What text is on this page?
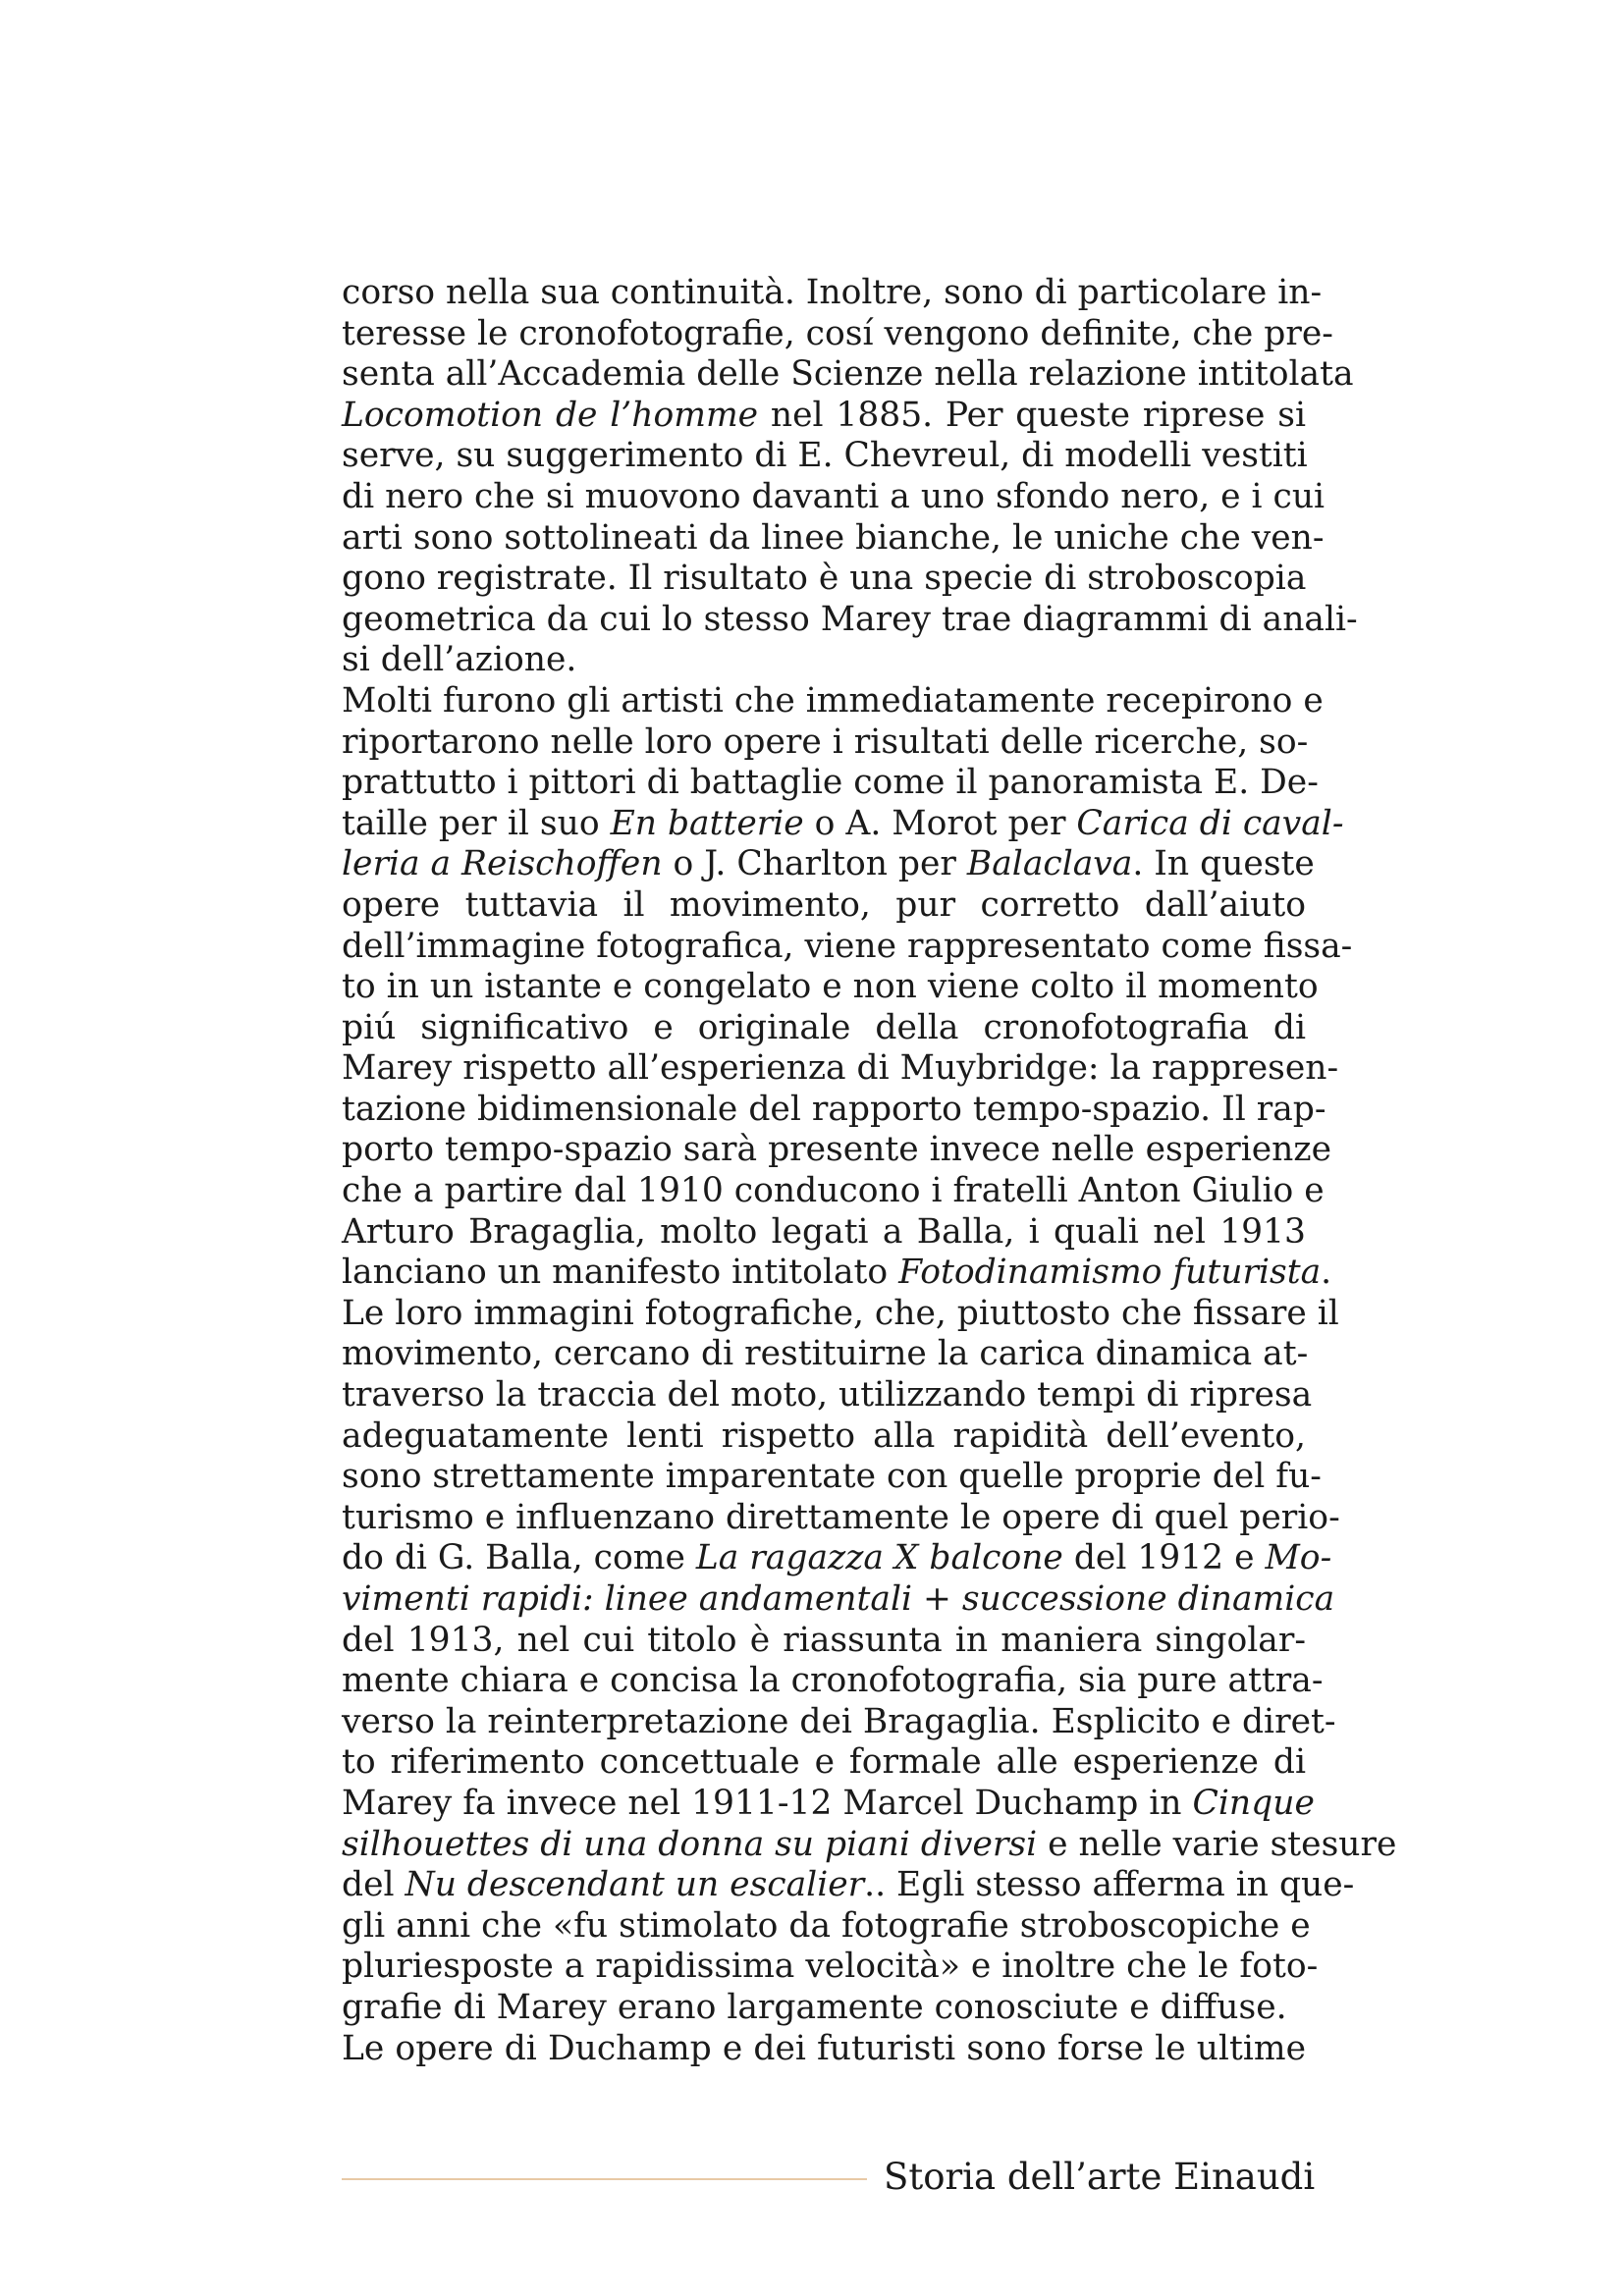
corso nella sua continuità. Inoltre, sono di particolare in-
teresse le cronofotografie, cosí vengono definite, che pre-
senta all’Accademia delle Scienze nella relazione intitolata
Locomotion de l’homme nel 1885. Per queste riprese si
serve, su suggerimento di E. Chevreul, di modelli vestiti
di nero che si muovono davanti a uno sfondo nero, e i cui
arti sono sottolineati da linee bianche, le uniche che ven-
gono registrate. Il risultato è una specie di stroboscopia
geometrica da cui lo stesso Marey trae diagrammi di anali-
si dell’azione.
Molti furono gli artisti che immediatamente recepirono e
riportarono nelle loro opere i risultati delle ricerche, so-
prattutto i pittori di battaglie come il panoramista E. De-
taille per il suo En batterie o A. Morot per Carica di caval-
leria a Reischoffen o J. Charlton per Balaclava. In queste
opere tuttavia il movimento, pur corretto dall’aiuto
dell’immagine fotografica, viene rappresentato come fissa-
to in un istante e congelato e non viene colto il momento
piú significativo e originale della cronofotografia di
Marey rispetto all’esperienza di Muybridge: la rappresen-
tazione bidimensionale del rapporto tempo-spazio. Il rap-
porto tempo-spazio sarà presente invece nelle esperienze
che a partire dal 1910 conducono i fratelli Anton Giulio e
Arturo Bragaglia, molto legati a Balla, i quali nel 1913
lanciano un manifesto intitolato Fotodinamismo futurista.
Le loro immagini fotografiche, che, piuttosto che fissare il
movimento, cercano di restituirne la carica dinamica at-
traverso la traccia del moto, utilizzando tempi di ripresa
adeguatamente lenti rispetto alla rapidità dell’evento,
sono strettamente imparentate con quelle proprie del fu-
turismo e influenzano direttamente le opere di quel perio-
do di G. Balla, come La ragazza X balcone del 1912 e Mo-
vimenti rapidi: linee andamentali + successione dinamica
del 1913, nel cui titolo è riassunta in maniera singolar-
mente chiara e concisa la cronofotografia, sia pure attra-
verso la reinterpretazione dei Bragaglia. Esplicito e diret-
to riferimento concettuale e formale alle esperienze di
Marey fa invece nel 1911-12 Marcel Duchamp in Cinque
silhouettes di una donna su piani diversi e nelle varie stesure
del Nu descendant un escalier.. Egli stesso afferma in que-
gli anni che «fu stimolato da fotografie stroboscopiche e
pluriesposte a rapidissima velocità» e inoltre che le foto-
grafie di Marey erano largamente conosciute e diffuse.
Le opere di Duchamp e dei futuristi sono forse le ultime
Storia dell’arte Einaudi
